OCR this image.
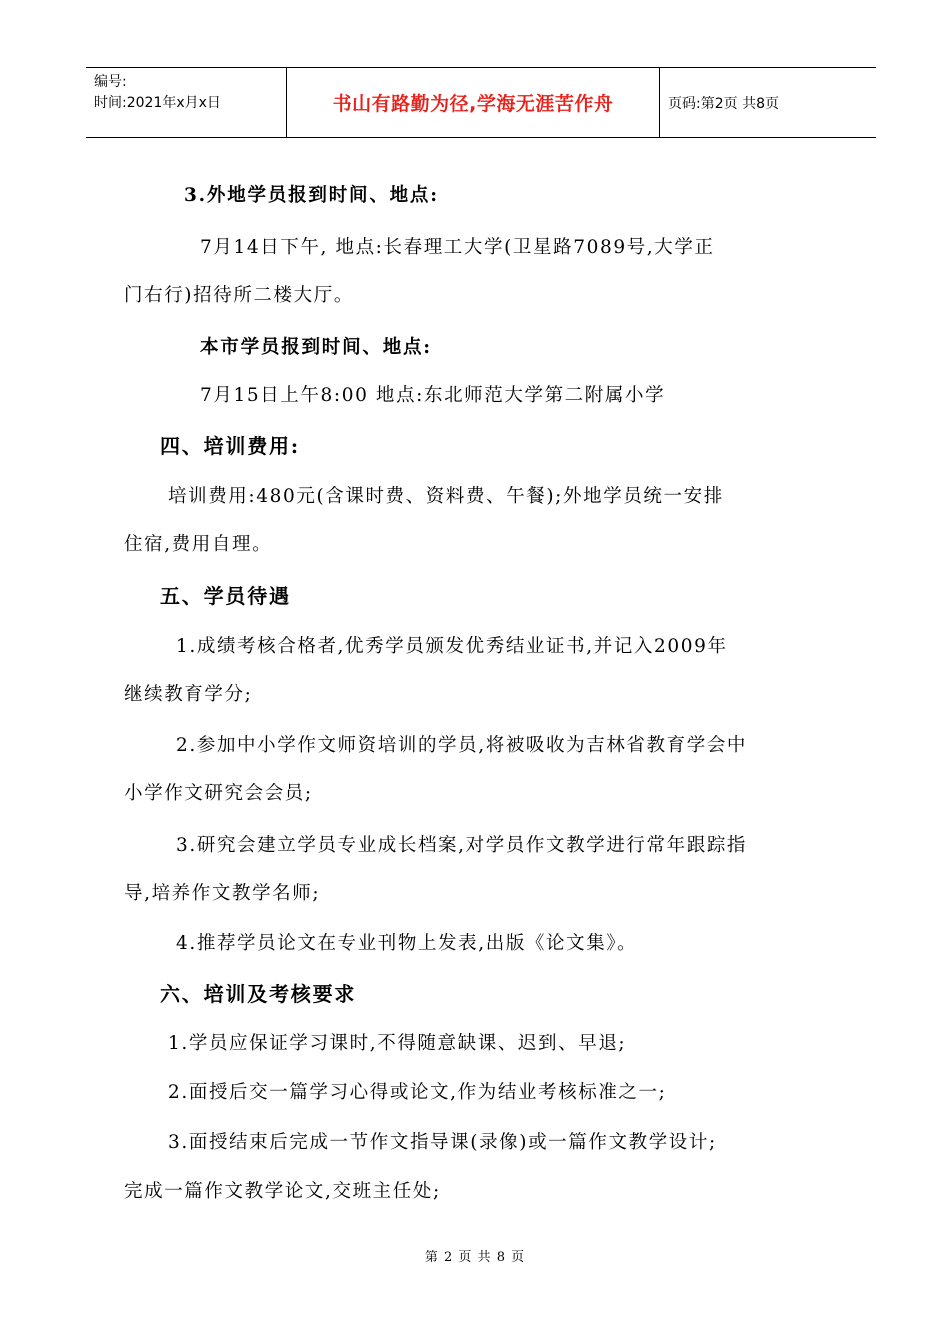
编号:
时间:2021年x月x日	书山有路勤为径,学海无涯苦作舟	页码:第2页 共8页
3.外地学员报到时间、地点:
7月14日下午, 地点:长春理工大学(卫星路7089号,大学正
门右行)招待所二楼大厅。
本市学员报到时间、地点:
7月15日上午8:00 地点:东北师范大学第二附属小学
四、培训费用:
培训费用:480元(含课时费、资料费、午餐);外地学员统一安排
住宿,费用自理。
五、学员待遇
1.成绩考核合格者,优秀学员颁发优秀结业证书,并记入2009年
继续教育学分;
2.参加中小学作文师资培训的学员,将被吸收为吉林省教育学会中
小学作文研究会会员;
3.研究会建立学员专业成长档案,对学员作文教学进行常年跟踪指
导,培养作文教学名师;
4.推荐学员论文在专业刊物上发表,出版《论文集》。
六、培训及考核要求
1.学员应保证学习课时,不得随意缺课、迟到、早退;
2.面授后交一篇学习心得或论文,作为结业考核标准之一;
3.面授结束后完成一节作文指导课(录像)或一篇作文教学设计;
完成一篇作文教学论文,交班主任处;
第 2 页 共 8 页
